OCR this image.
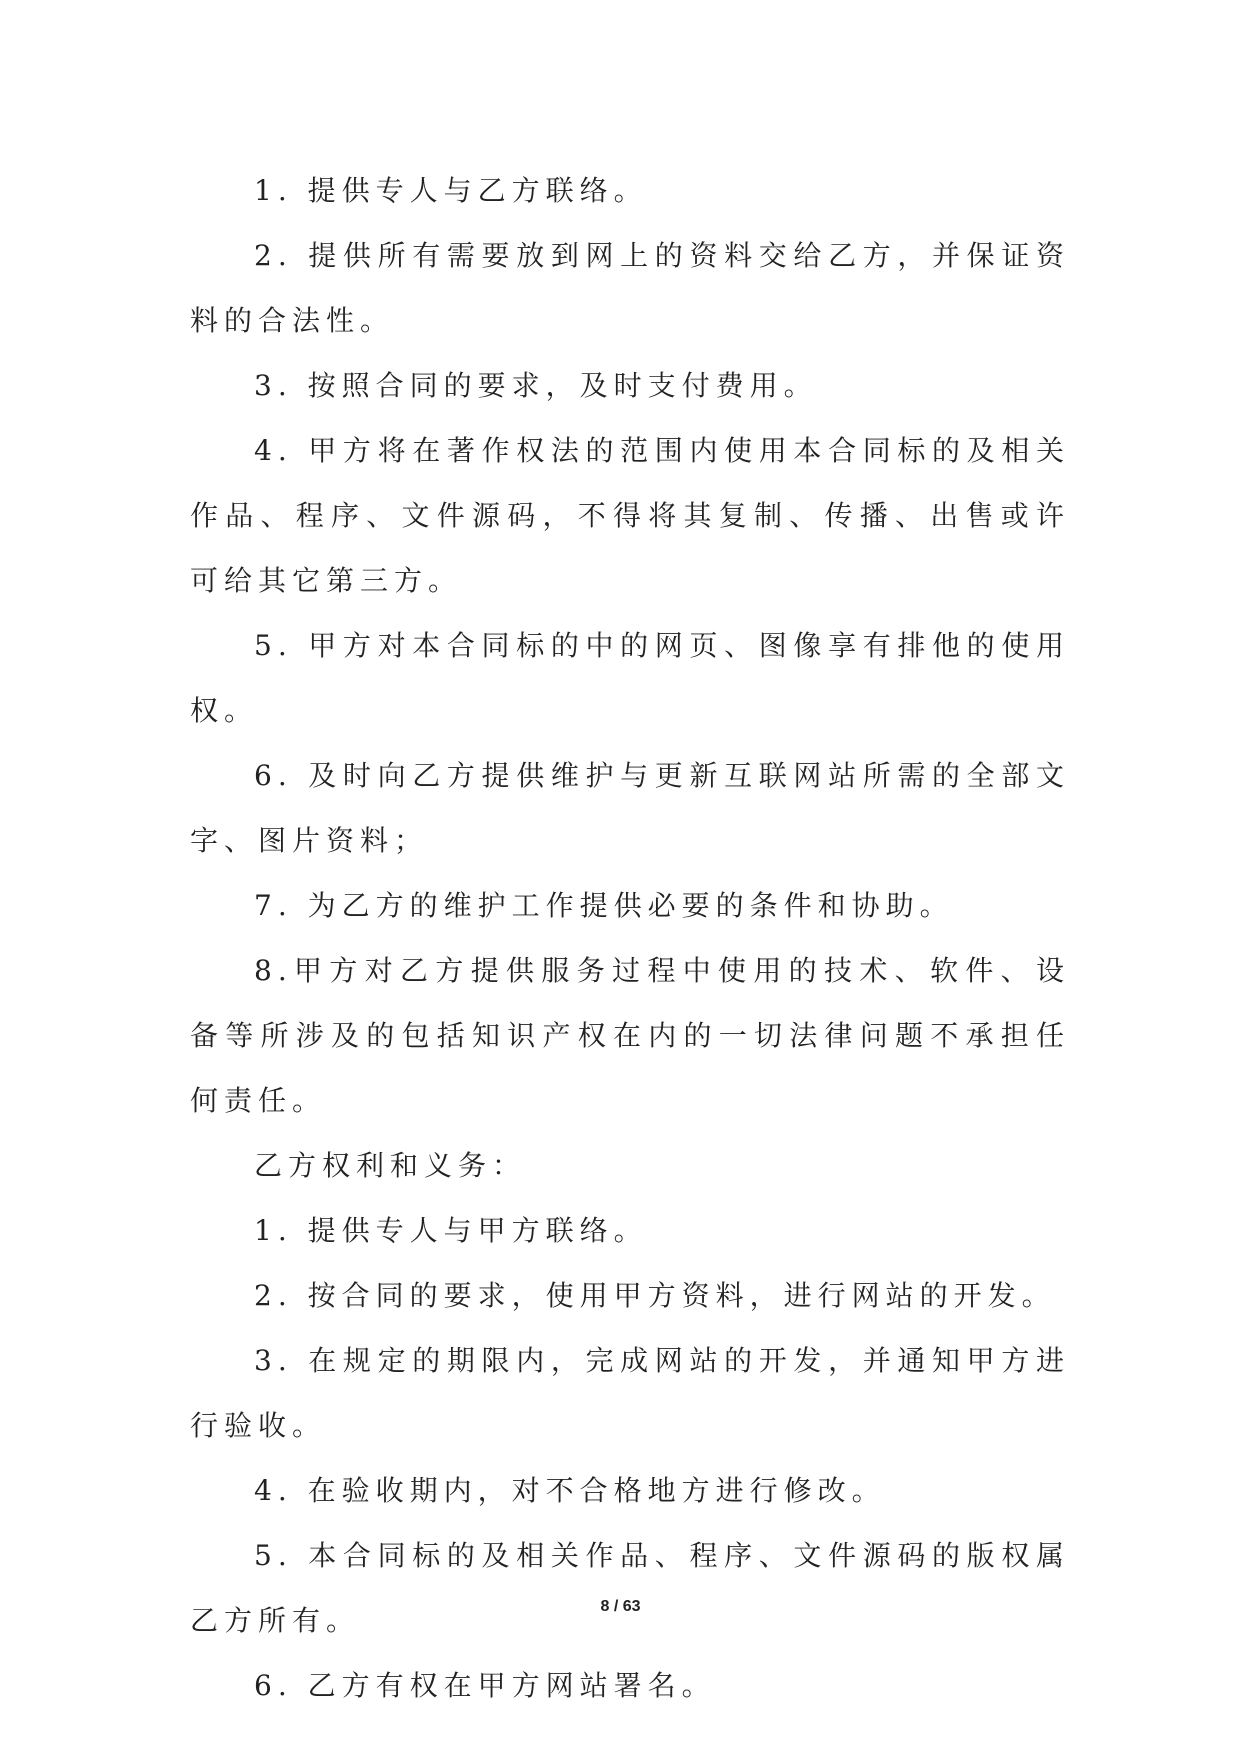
1. 提供专人与乙方联络。

2. 提供所有需要放到网上的资料交给乙方，并保证资料的合法性。

3. 按照合同的要求，及时支付费用。

4. 甲方将在著作权法的范围内使用本合同标的及相关作品、程序、文件源码，不得将其复制、传播、出售或许可给其它第三方。

5. 甲方对本合同标的中的网页、图像享有排他的使用权。

6. 及时向乙方提供维护与更新互联网站所需的全部文字、图片资料；

7. 为乙方的维护工作提供必要的条件和协助。

8.甲方对乙方提供服务过程中使用的技术、软件、设备等所涉及的包括知识产权在内的一切法律问题不承担任何责任。

乙方权利和义务：

1. 提供专人与甲方联络。

2. 按合同的要求，使用甲方资料，进行网站的开发。

3. 在规定的期限内，完成网站的开发，并通知甲方进行验收。

4. 在验收期内，对不合格地方进行修改。

5. 本合同标的及相关作品、程序、文件源码的版权属乙方所有。

6. 乙方有权在甲方网站署名。

8 / 63
